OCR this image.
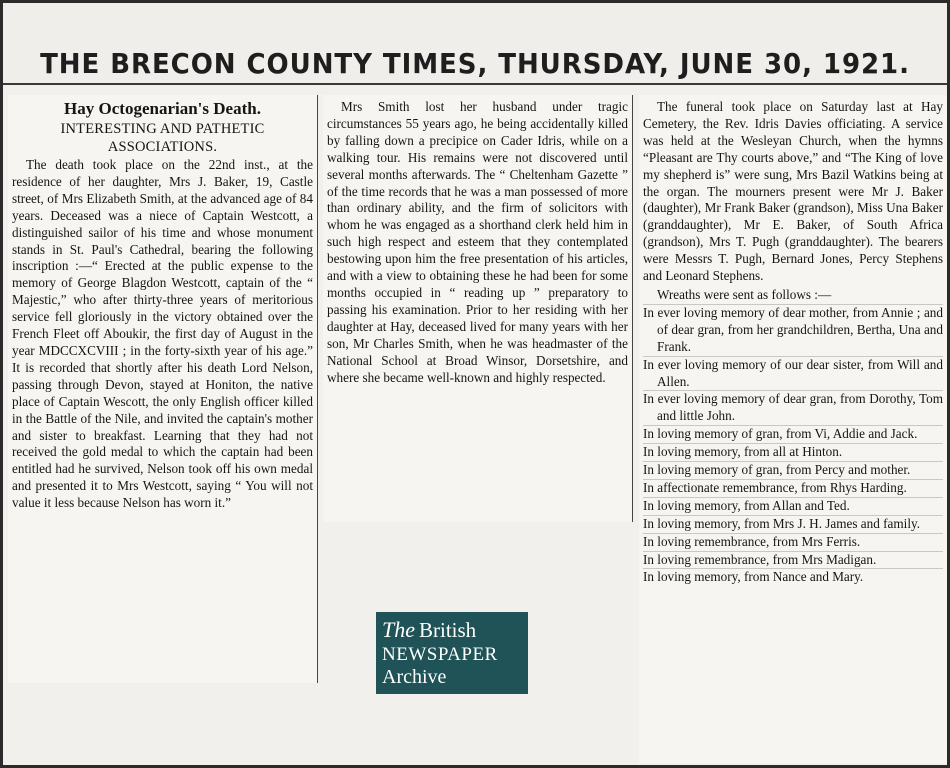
THE BRECON COUNTY TIMES, THURSDAY, JUNE 30, 1921.
Hay Octogenarian's Death.
INTERESTING AND PATHETIC
ASSOCIATIONS.

The death took place on the 22nd inst., at the residence of her daughter, Mrs J. Baker, 19, Castle street, of Mrs Elizabeth Smith, at the advanced age of 84 years. Deceased was a niece of Captain Westcott, a distinguished sailor of his time and whose monument stands in St. Paul's Cathedral, bearing the following inscription :—“ Erected at the public expense to the memory of George Blagdon Westcott, captain of the “ Majestic,” who after thirty-three years of meritorious service fell gloriously in the victory obtained over the French Fleet off Aboukir, the first day of August in the year MDCCXCVIII ; in the forty-sixth year of his age.” It is recorded that shortly after his death Lord Nelson, passing through Devon, stayed at Honiton, the native place of Captain Wescott, the only English officer killed in the Battle of the Nile, and invited the captain's mother and sister to breakfast. Learning that they had not received the gold medal to which the captain had been entitled had he survived, Nelson took off his own medal and presented it to Mrs Westcott, saying “ You will not value it less because Nelson has worn it.”

Mrs Smith lost her husband under tragic circumstances 55 years ago, he being accidentally killed by falling down a precipice on Cader Idris, while on a walking tour. His remains were not discovered until several months afterwards. The “ Cheltenham Gazette ” of the time records that he was a man possessed of more than ordinary ability, and the firm of solicitors with whom he was engaged as a shorthand clerk held him in such high respect and esteem that they contemplated bestowing upon him the free presentation of his articles, and with a view to obtaining these he had been for some months occupied in “ reading up ” preparatory to passing his examination. Prior to her residing with her daughter at Hay, deceased lived for many years with her son, Mr Charles Smith, when he was headmaster of the National School at Broad Winsor, Dorsetshire, and where she became well-known and highly respected.

The funeral took place on Saturday last at Hay Cemetery, the Rev. Idris Davies officiating. A service was held at the Wesleyan Church, when the hymns “Pleasant are Thy courts above,” and “The King of love my shepherd is” were sung, Mrs Bazil Watkins being at the organ. The mourners present were Mr J. Baker (daughter), Mr Frank Baker (grandson), Miss Una Baker (granddaughter), Mr E. Baker, of South Africa (grandson), Mrs T. Pugh (granddaughter). The bearers were Messrs T. Pugh, Bernard Jones, Percy Stephens and Leonard Stephens.

Wreaths were sent as follows :—

In ever loving memory of dear mother, from Annie ; and of dear gran, from her grandchildren, Bertha, Una and Frank.
In ever loving memory of our dear sister, from Will and Allen.
In ever loving memory of dear gran, from Dorothy, Tom and little John.
In loving memory of gran, from Vi, Addie and Jack.
In loving memory, from all at Hinton.
In loving memory of gran, from Percy and mother.
In affectionate remembrance, from Rhys Harding.
In loving memory, from Allan and Ted.
In loving memory, from Mrs J. H. James and family.
In loving remembrance, from Mrs Ferris.
In loving remembrance, from Mrs Madigan.
In loving memory, from Nance and Mary.
The British
NEWSPAPER
Archive
